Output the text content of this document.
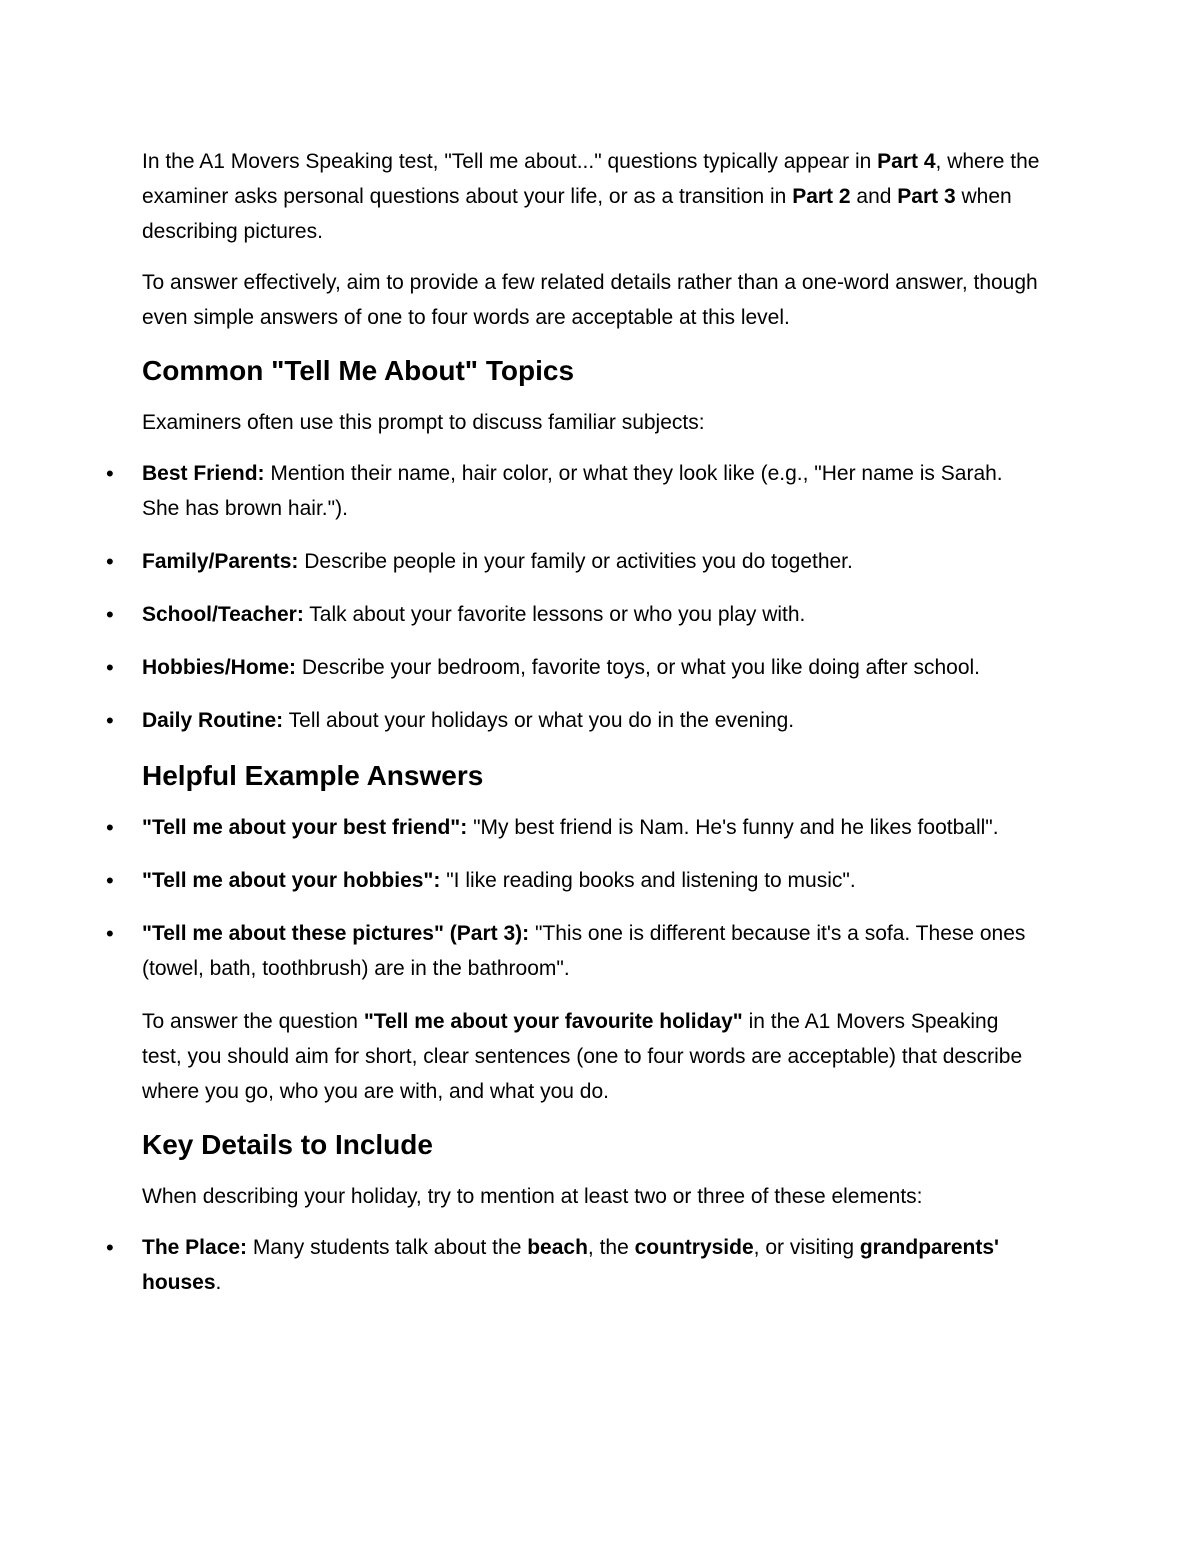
In the A1 Movers Speaking test, "Tell me about..." questions typically appear in Part 4, where the examiner asks personal questions about your life, or as a transition in Part 2 and Part 3 when describing pictures.

To answer effectively, aim to provide a few related details rather than a one-word answer, though even simple answers of one to four words are acceptable at this level.

Common "Tell Me About" Topics

Examiners often use this prompt to discuss familiar subjects:

• Best Friend: Mention their name, hair color, or what they look like (e.g., "Her name is Sarah. She has brown hair.").
• Family/Parents: Describe people in your family or activities you do together.
• School/Teacher: Talk about your favorite lessons or who you play with.
• Hobbies/Home: Describe your bedroom, favorite toys, or what you like doing after school.
• Daily Routine: Tell about your holidays or what you do in the evening.
Helpful Example Answers
• "Tell me about your best friend": "My best friend is Nam. He's funny and he likes football".
• "Tell me about your hobbies": "I like reading books and listening to music".
• "Tell me about these pictures" (Part 3): "This one is different because it's a sofa. These ones (towel, bath, toothbrush) are in the bathroom".

To answer the question "Tell me about your favourite holiday" in the A1 Movers Speaking test, you should aim for short, clear sentences (one to four words are acceptable) that describe where you go, who you are with, and what you do.

Key Details to Include

When describing your holiday, try to mention at least two or three of these elements:

• The Place: Many students talk about the beach, the countryside, or visiting grandparents' houses.
